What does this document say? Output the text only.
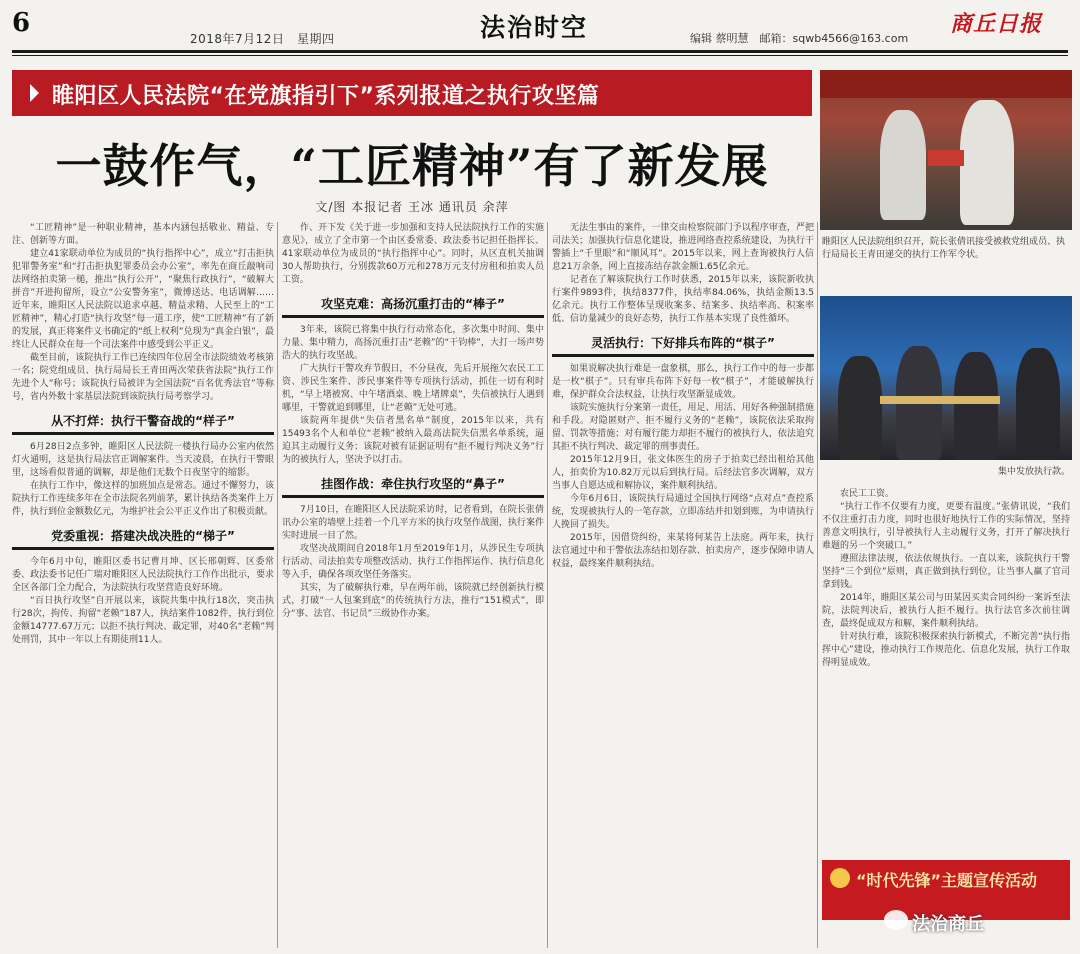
6
2018年7月12日　星期四	法治时空	编辑 蔡明慧　邮箱：sqwb4566@163.com
商丘日报
睢阳区人民法院“在党旗指引下”系列报道之执行攻坚篇
一鼓作气，“工匠精神”有了新发展
文/图 本报记者 王冰 通讯员 余萍

“工匠精神”是一种职业精神，基本内涵包括敬业、精益、专注、创新等方面。

建立41家联动单位为成员的“执行指挥中心”，成立“打击拒执犯罪警务室”和“打击拒执犯罪委员会办公室”，率先在商丘敲响司法网络拍卖第一槌，推出“执行公开”，“聚焦行政执行”，“破解大拼音”开进拘留所，设立“公安警务室”，微博送达、电话调解……近年来，睢阳区人民法院以追求卓越、精益求精、人民至上的“工匠精神”，精心打造“执行攻坚”每一道工序，使“工匠精神”有了新的发展，真正将案件义书确定的“纸上权利”兑现为“真金白银”，最终让人民群众在每一个司法案件中感受到公平正义。

截至目前，该院执行工作已连续四年位居全市法院绩效考核第一名；院党组成员、执行局局长王青田两次荣获省法院“执行工作先进个人”称号；该院执行局被评为全国法院“百名优秀法官”等称号，省内外数十家基层法院到该院执行局考察学习。

从不打烊：执行干警奋战的“样子”

6月28日2点多钟，睢阳区人民法院一楼执行局办公室内依然灯火通明，这是执行局法官正调解案件。当天凌晨，在执行干警眼里，这场看似普通的调解，却是他们无数个日夜坚守的缩影。

在执行工作中，像这样的加班加点是常态。通过不懈努力，该院执行工作连续多年在全市法院名列前茅，累计执结各类案件上万件，执行到位金额数亿元，为维护社会公平正义作出了积极贡献。

党委重视：搭建决战决胜的“梯子”

今年6月中旬，睢阳区委书记曹月坤、区长邢朝辉、区委常委、政法委书记任广瑞对睢阳区人民法院执行工作作出批示，要求全区各部门全力配合，为法院执行攻坚营造良好环境。

“百日执行攻坚”自开展以来，该院共集中执行18次，突击执行28次，拘传、拘留“老赖”187人，执结案件1082件，执行到位金额14777.67万元；以拒不执行判决、裁定罪，对40名“老赖”判处刑罚，其中一年以上有期徒刑11人。

作、开下发《关于进一步加强和支持人民法院执行工作的实施意见》，成立了全市第一个由区委常委、政法委书记担任指挥长、41家联动单位为成员的“执行指挥中心”。同时，从区直机关抽调30人帮助执行，分别拨款60万元和278万元支付房租和拍卖人员工资。

攻坚克难：高扬沉重打击的“棒子”

3年来，该院已将集中执行行动常态化，多次集中时间、集中力量、集中精力，高扬沉重打击“老赖”的“干钧棒”，大打一场声势浩大的执行攻坚战。

广大执行干警攻弃节假日，不分昼夜，先后开展拖欠农民工工资、涉民生案件、涉民事案件等专项执行活动，抓住一切有利时机，“早上堵被窝、中午堵酒桌、晚上堵牌桌”，失信被执行人遇到哪里，干警就追到哪里，让“老赖”无处可逃。

该院两年提供“失信者黑名单”制度，2015年以来，共有15493名个人和单位“老赖”被纳入最高法院失信黑名单系统，逼迫其主动履行义务；该院对被有证据证明有“拒不履行判决义务”行为的被执行人，坚决予以打击。

挂图作战：牵住执行攻坚的“鼻子”

7月10日，在睢阳区人民法院采访时，记者看到，在院长张倩讯办公室的墙壁上挂着一个几平方米的执行攻坚作战图，执行案件实时进展一目了然。

攻坚决战期间自2018年1月至2019年1月，从涉民生专项执行活动、司法拍卖专项整改活动、执行工作指挥运作、执行信息化等入手，确保各项攻坚任务落实。

其实，为了破解执行难，早在两年前，该院就已经创新执行模式，打破“一人包案到底”的传统执行方法，推行“151模式”，即分“事、法官、书记员”三级协作办案。

无法生事由的案件，一律交由检察院部门予以程序审查，严把司法关；加强执行信息化建设，推进网络查控系统建设，为执行干警插上“千里眼”和“顺风耳”。2015年以来，网上查询被执行人信息21万余条，网上直接冻结存款金额1.65亿余元。

记者在了解该院执行工作时获悉，2015年以来，该院新收执行案件9893件，执结8377件，执结率84.06%，执结金额13.5亿余元。执行工作整体呈现收案多、结案多、执结率高、积案率低、信访量减少的良好态势，执行工作基本实现了良性循环。

灵活执行：下好排兵布阵的“棋子”

如果说解决执行难是一盘象棋，那么，执行工作中的每一步都是一枚“棋子”。只有审兵布阵下好每一枚“棋子”，才能破解执行难，保护群众合法权益，让执行攻坚渐显成效。

该院实施执行分案第一责任，用足、用活、用好各种强制措施和手段。对隐匿财产、拒不履行义务的“老赖”，该院依法采取拘留、罚款等措施；对有履行能力却拒不履行的被执行人，依法追究其拒不执行判决、裁定罪的刑事责任。

2015年12月9日，张文体医生的房子于拍卖已经出租给其他人，拍卖价为10.82万元以后到执行局。后经法官多次调解，双方当事人自愿达成和解协议，案件顺利执结。

今年6月6日，该院执行局通过全国执行网络“点对点”查控系统，发现被执行人的一笔存款，立即冻结并扣划到账，为申请执行人挽回了损失。

2015年，因借贷纠纷，来某将何某告上法庭。两年来，执行法官通过中和干警依法冻结扣划存款、拍卖房产，逐步保障申请人权益，最终案件顺利执结。

睢阳区人民法院组织召开，院长张倩讯接受被救党组成员、执行局局长王青田递交的执行工作军令状。
集中发放执行款。

农民工工资。

“执行工作不仅要有力度，更要有温度。”张倩讯说，“我们不仅注重打击力度，同时也很好地执行工作的实际情况，坚持善意文明执行，引导被执行人主动履行义务，打开了解决执行难题的另一个突破口。”

遵照法律法规，依法依规执行。一直以来，该院执行干警坚持“三个到位”原则，真正做到执行到位，让当事人赢了官司拿到钱。

2014年，睢阳区某公司与田某因买卖合同纠纷一案诉至法院，法院判决后，被执行人拒不履行。执行法官多次前往调查，最终促成双方和解，案件顺利执结。

针对执行难，该院积极探索执行新模式，不断完善“执行指挥中心”建设，推动执行工作规范化、信息化发展，执行工作取得明显成效。

“时代先锋”主题宣传活动
法治商丘
